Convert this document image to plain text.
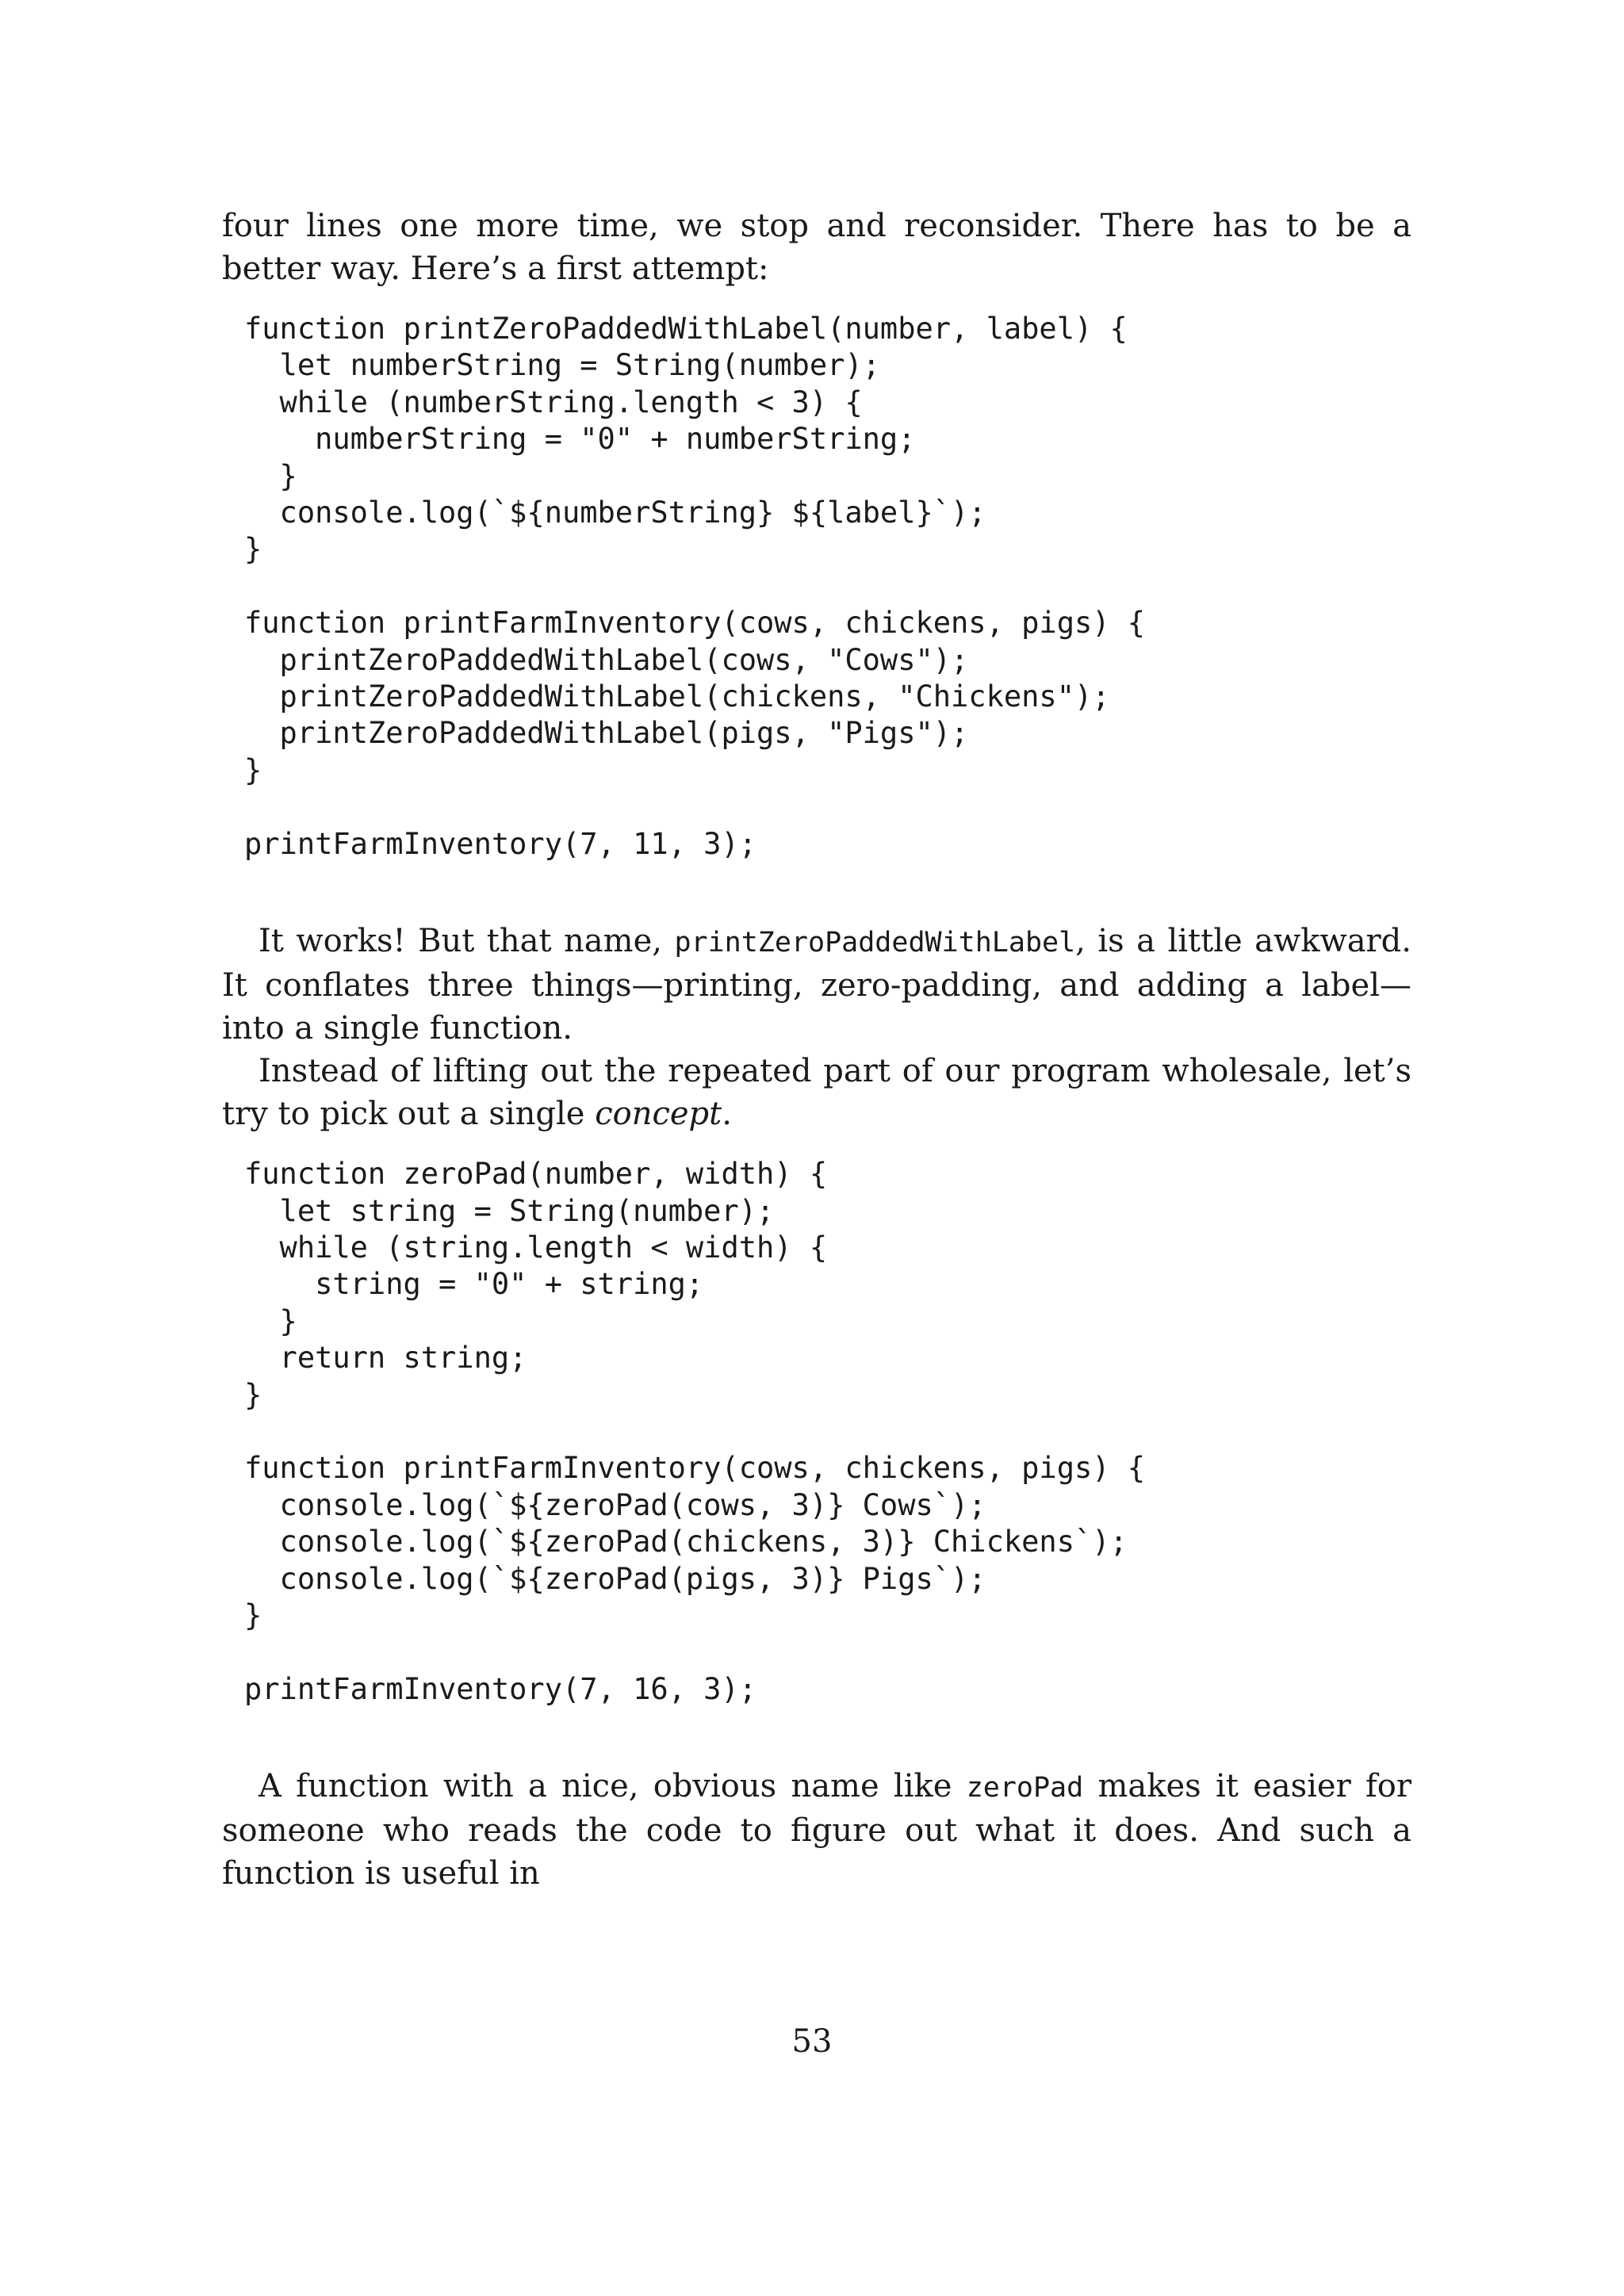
four lines one more time, we stop and reconsider. There has to be a better way. Here’s a first attempt:

function printZeroPaddedWithLabel(number, label) {
let numberString = String(number);
while (numberString.length < 3) {
numberString = "0" + numberString;
}
console.log(`${numberString} ${label}`);
}

function printFarmInventory(cows, chickens, pigs) {
printZeroPaddedWithLabel(cows, "Cows");
printZeroPaddedWithLabel(chickens, "Chickens");
printZeroPaddedWithLabel(pigs, "Pigs");
}

printFarmInventory(7, 11, 3);

It works! But that name, printZeroPaddedWithLabel, is a little awkward. It conflates three things—printing, zero-padding, and adding a label—into a single function.

Instead of lifting out the repeated part of our program wholesale, let’s try to pick out a single concept.

function zeroPad(number, width) {
let string = String(number);
while (string.length < width) {
string = "0" + string;
}
return string;
}

function printFarmInventory(cows, chickens, pigs) {
console.log(`${zeroPad(cows, 3)} Cows`);
console.log(`${zeroPad(chickens, 3)} Chickens`);
console.log(`${zeroPad(pigs, 3)} Pigs`);
}

printFarmInventory(7, 16, 3);

A function with a nice, obvious name like zeroPad makes it easier for someone who reads the code to figure out what it does. And such a function is useful in

53
